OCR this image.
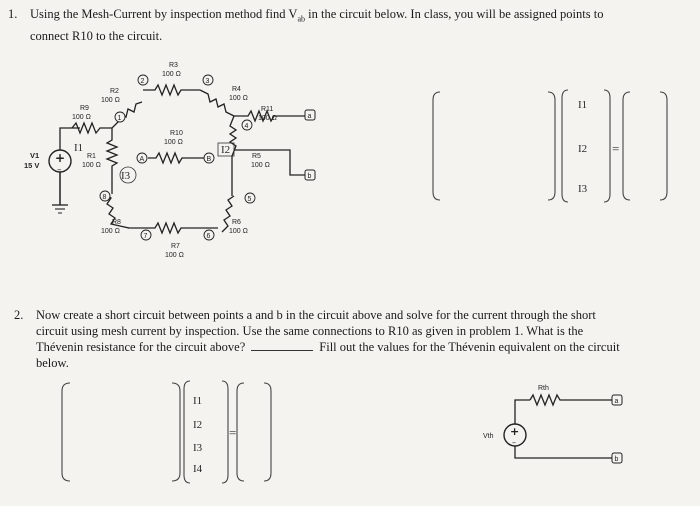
1. Using the Mesh-Current by inspection method find $V_{ab}$ in the circuit below. In class, you will be assigned points to
connect R10 to the circuit.
+
–
V1
15 V
R9
100 Ω
R2
100 Ω
R3
100 Ω
R4
100 Ω
R11
100 Ω
R5
100 Ω
R6
100 Ω
R7
100 Ω
R8
100 Ω
R1
100 Ω
R10
100 Ω
1
2	3
4
5
6
7
8
A	B
a
b
I1	I2
I3
I1
I2
I3
=
I1
I2
I3
I4
=
Rth
+
–
Vth
a
b
2. Now create a short circuit between points a and b in the circuit above and solve for the current through the short
circuit using mesh current by inspection. Use the same connections to R10 as given in problem 1. What is the
Thévenin resistance for the circuit above?	Fill out the values for the Thévenin equivalent on the circuit
below.
